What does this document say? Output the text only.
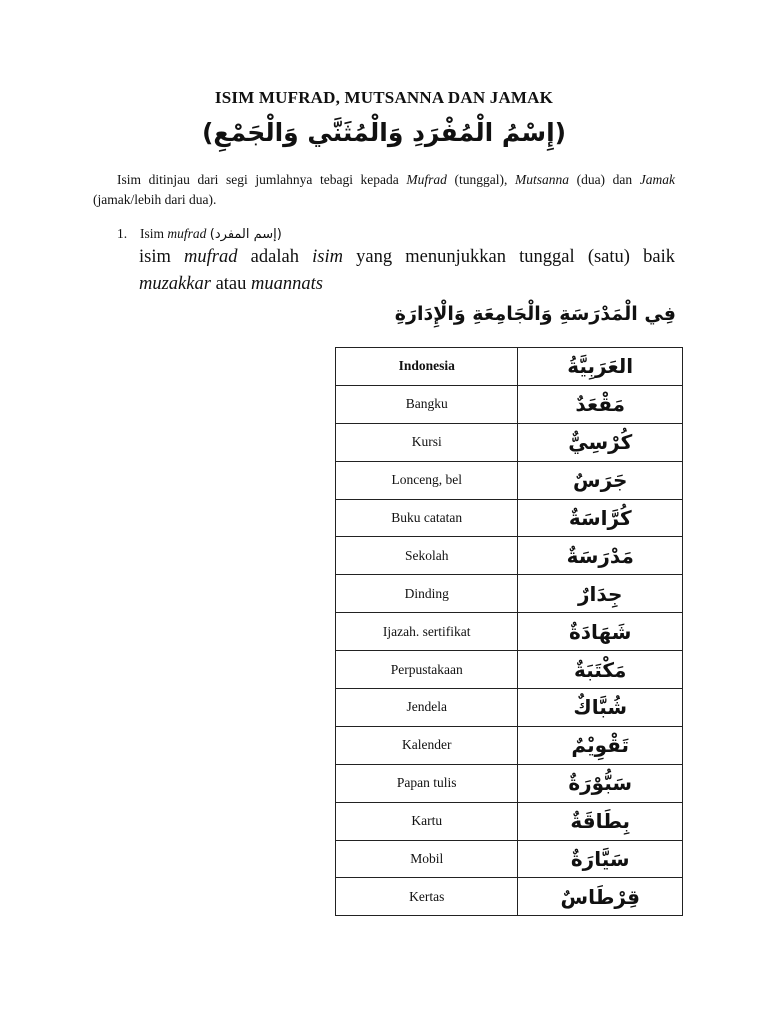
ISIM MUFRAD, MUTSANNA DAN JAMAK
(إِسْمُ الْمُفْرَدِ وَالْمُثَنَّي وَالْجَمْعِ)

Isim ditinjau dari segi jumlahnya tebagi kepada Mufrad (tunggal), Mutsanna (dua) dan Jamak (jamak/lebih dari dua).

1. Isim mufrad (إسم المفرد)

isim mufrad adalah isim yang menunjukkan tunggal (satu) baik muzakkar atau muannats

فِي الْمَدْرَسَةِ وَالْجَامِعَةِ وَالْإِدَارَةِ
Indonesia	العَرَبِيَّةُ
Bangku	مَقْعَدٌ
Kursi	كُرْسِيٌّ
Lonceng, bel	جَرَسٌ
Buku catatan	كُرَّاسَةٌ
Sekolah	مَدْرَسَةٌ
Dinding	جِدَارٌ
Ijazah. sertifikat	شَهَادَةٌ
Perpustakaan	مَكْتَبَةٌ
Jendela	شُبَّاكٌ
Kalender	تَقْوِيْمٌ
Papan tulis	سَبُّوْرَةٌ
Kartu	بِطَاقَةٌ
Mobil	سَيَّارَةٌ
Kertas	قِرْطَاسٌ
